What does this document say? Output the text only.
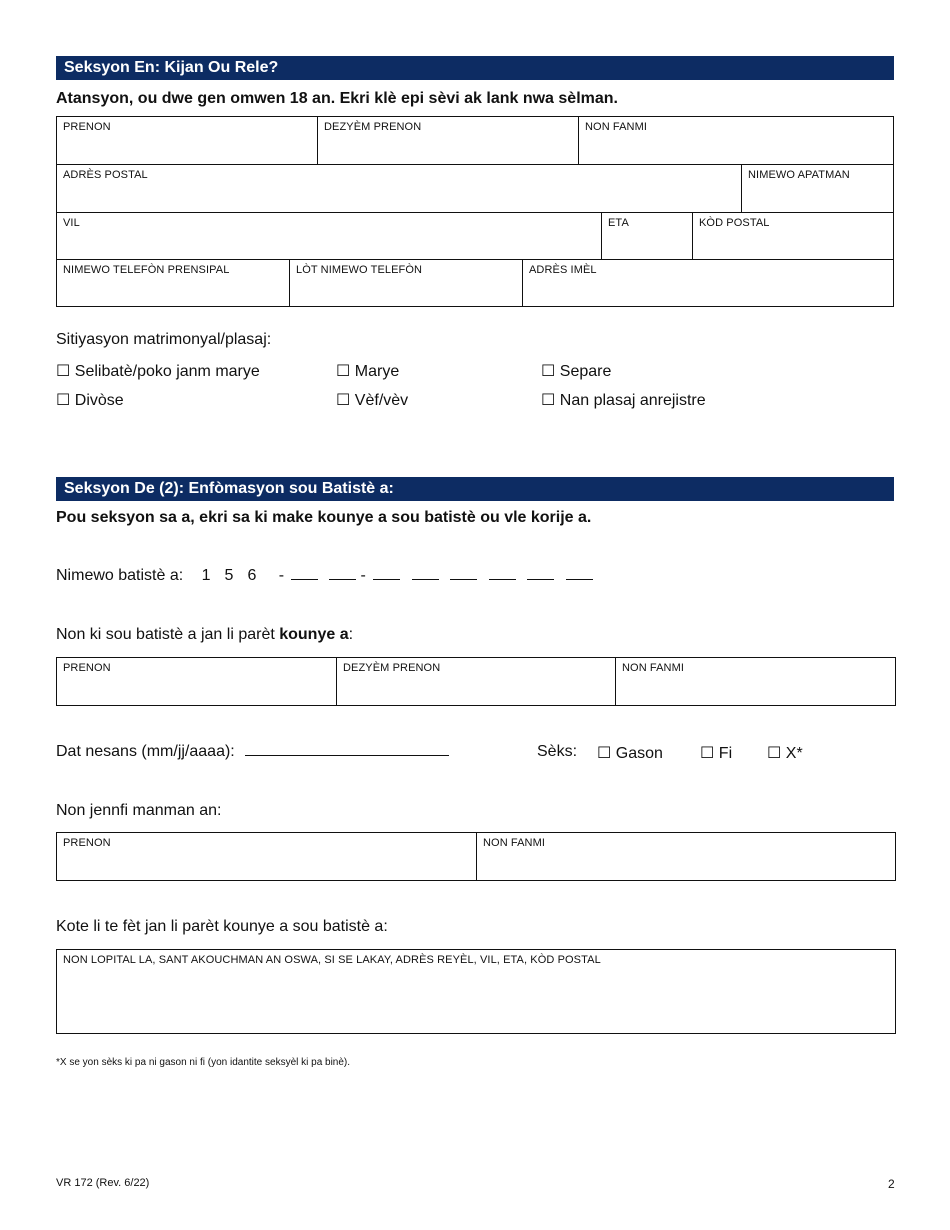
Seksyon En: Kijan Ou Rele?
Atansyon, ou dwe gen omwen 18 an. Ekri klè epi sèvi ak lank nwa sèlman.
PRENON	DEZYÈM PRENON	NON FANMI
ADRÈS POSTAL	NIMEWO APATMAN
VIL	ETA	KÒD POSTAL
NIMEWO TELEFÒN PRENSIPAL	LÒT NIMEWO TELEFÒN	ADRÈS IMÈL
Sitiyasyon matrimonyal/plasaj:
☐ Selibatè/poko janm marye	☐ Marye	☐ Separe
☐ Divòse	☐ Vèf/vèv	☐ Nan plasaj anrejistre
Seksyon De (2): Enfòmasyon sou Batistè a:
Pou seksyon sa a, ekri sa ki make kounye a sou batistè ou vle korije a.
Nimewo batistè a: 1 5 6 -	-
Non ki sou batistè a jan li parèt kounye a:
PRENON	DEZYÈM PRENON	NON FANMI
Dat nesans (mm/jj/aaaa):	Sèks: ☐ Gason ☐ Fi ☐ X*
Non jennfi manman an:
PRENON	NON FANMI
Kote li te fèt jan li parèt kounye a sou batistè a:
NON LOPITAL LA, SANT AKOUCHMAN AN OSWA, SI SE LAKAY, ADRÈS REYÈL, VIL, ETA, KÒD POSTAL
*X se yon sèks ki pa ni gason ni fi (yon idantite seksyèl ki pa binè).
VR 172 (Rev. 6/22)	2
